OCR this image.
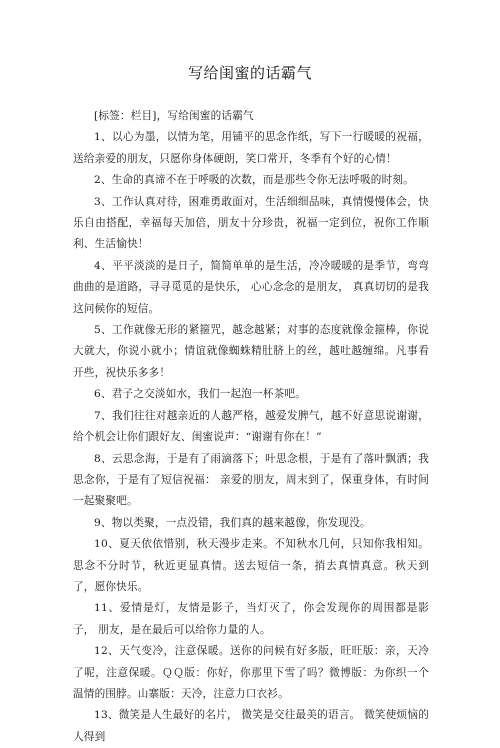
写给闺蜜的话霸气

[标签：栏目]，写给闺蜜的话霸气

1、以心为墨，以情为笔，用铺平的思念作纸，写下一行暖暖的祝福，送给亲爱的朋友，只愿你身体硬朗，笑口常开，冬季有个好的心情！

2、生命的真谛不在于呼吸的次数，而是那些令你无法呼吸的时刻。

3、工作认真对待，困难勇敢面对，生活细细品味，真情慢慢体会，快乐自由搭配，幸福每天加倍，朋友十分珍贵，祝福一定到位，祝你工作顺利、生活愉快！

4、平平淡淡的是日子，简简单单的是生活，冷冷暖暖的是季节，弯弯曲曲的是道路，寻寻觅觅的是快乐， 心心念念的是朋友， 真真切切的是我这问候你的短信。

5、工作就像无形的紧箍咒，越念越紧；对事的态度就像金箍棒，你说大就大，你说小就小；情谊就像蜘蛛精肚脐上的丝，越吐越缠绵。凡事看开些，祝快乐多多！

6、君子之交淡如水，我们一起泡一杯茶吧。

7、我们往往对越亲近的人越严格，越爱发脾气，越不好意思说谢谢，给个机会让你们跟好友、闺蜜说声：“谢谢有你在！”

8、云思念海，于是有了雨滴落下；叶思念根，于是有了落叶飘洒；我思念你，于是有了短信祝福： 亲爱的朋友，周末到了，保重身体，有时间一起聚聚吧。

9、物以类聚，一点没错，我们真的越来越像，你发现没。

10、夏天依依惜别，秋天漫步走来。不知秋水几何，只知你我相知。思念不分时节，秋近更显真情。送去短信一条，捎去真情真意。秋天到了，愿你快乐。

11、爱情是灯，友情是影子，当灯灭了，你会发现你的周围都是影子， 朋友，是在最后可以给你力量的人。

12、天气变冷，注意保暖。送你的问候有好多版，旺旺版：亲，天冷了呢，注意保暖。ＱＱ版：你好，你那里下雪了吗？微博版：为你织一个温情的围脖。山寨版：天冷，注意力口衣衫。

13、微笑是人生最好的名片， 微笑是交往最美的语言。 微笑使烦恼的人得到
